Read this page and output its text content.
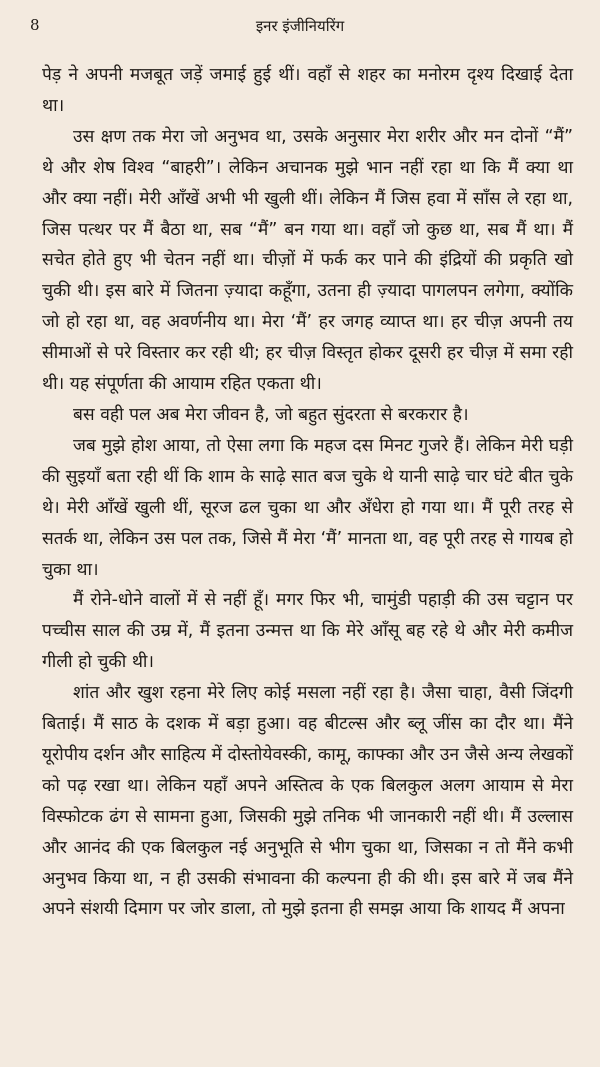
8	इनर इंजीनियरिंग

पेड़ ने अपनी मजबूत जड़ें जमाई हुई थीं। वहाँ से शहर का मनोरम दृश्य दिखाई देता था।

उस क्षण तक मेरा जो अनुभव था, उसके अनुसार मेरा शरीर और मन दोनों “मैं” थे और शेष विश्व “बाहरी”। लेकिन अचानक मुझे भान नहीं रहा था कि मैं क्या था और क्या नहीं। मेरी आँखें अभी भी खुली थीं। लेकिन मैं जिस हवा में साँस ले रहा था, जिस पत्थर पर मैं बैठा था, सब “मैं” बन गया था। वहाँ जो कुछ था, सब मैं था। मैं सचेत होते हुए भी चेतन नहीं था। चीज़ों में फर्क कर पाने की इंद्रियों की प्रकृति खो चुकी थी। इस बारे में जितना ज़्यादा कहूँगा, उतना ही ज़्यादा पागलपन लगेगा, क्योंकि जो हो रहा था, वह अवर्णनीय था। मेरा ‘मैं’ हर जगह व्याप्त था। हर चीज़ अपनी तय सीमाओं से परे विस्तार कर रही थी; हर चीज़ विस्तृत होकर दूसरी हर चीज़ में समा रही थी। यह संपूर्णता की आयाम रहित एकता थी।

बस वही पल अब मेरा जीवन है, जो बहुत सुंदरता से बरकरार है।

जब मुझे होश आया, तो ऐसा लगा कि महज दस मिनट गुजरे हैं। लेकिन मेरी घड़ी की सुइयाँ बता रही थीं कि शाम के साढ़े सात बज चुके थे यानी साढ़े चार घंटे बीत चुके थे। मेरी आँखें खुली थीं, सूरज ढल चुका था और अँधेरा हो गया था। मैं पूरी तरह से सतर्क था, लेकिन उस पल तक, जिसे मैं मेरा ‘मैं’ मानता था, वह पूरी तरह से गायब हो चुका था।

मैं रोने-धोने वालों में से नहीं हूँ। मगर फिर भी, चामुंडी पहाड़ी की उस चट्टान पर पच्चीस साल की उम्र में, मैं इतना उन्मत्त था कि मेरे आँसू बह रहे थे और मेरी कमीज गीली हो चुकी थी।

शांत और खुश रहना मेरे लिए कोई मसला नहीं रहा है। जैसा चाहा, वैसी जिंदगी बिताई। मैं साठ के दशक में बड़ा हुआ। वह बीटल्स और ब्लू जींस का दौर था। मैंने यूरोपीय दर्शन और साहित्य में दोस्तोयेवस्की, कामू, काफ्का और उन जैसे अन्य लेखकों को पढ़ रखा था। लेकिन यहाँ अपने अस्तित्व के एक बिलकुल अलग आयाम से मेरा विस्फोटक ढंग से सामना हुआ, जिसकी मुझे तनिक भी जानकारी नहीं थी। मैं उल्लास और आनंद की एक बिलकुल नई अनुभूति से भीग चुका था, जिसका न तो मैंने कभी अनुभव किया था, न ही उसकी संभावना की कल्पना ही की थी। इस बारे में जब मैंने अपने संशयी दिमाग पर जोर डाला, तो मुझे इतना ही समझ आया कि शायद मैं अपना
